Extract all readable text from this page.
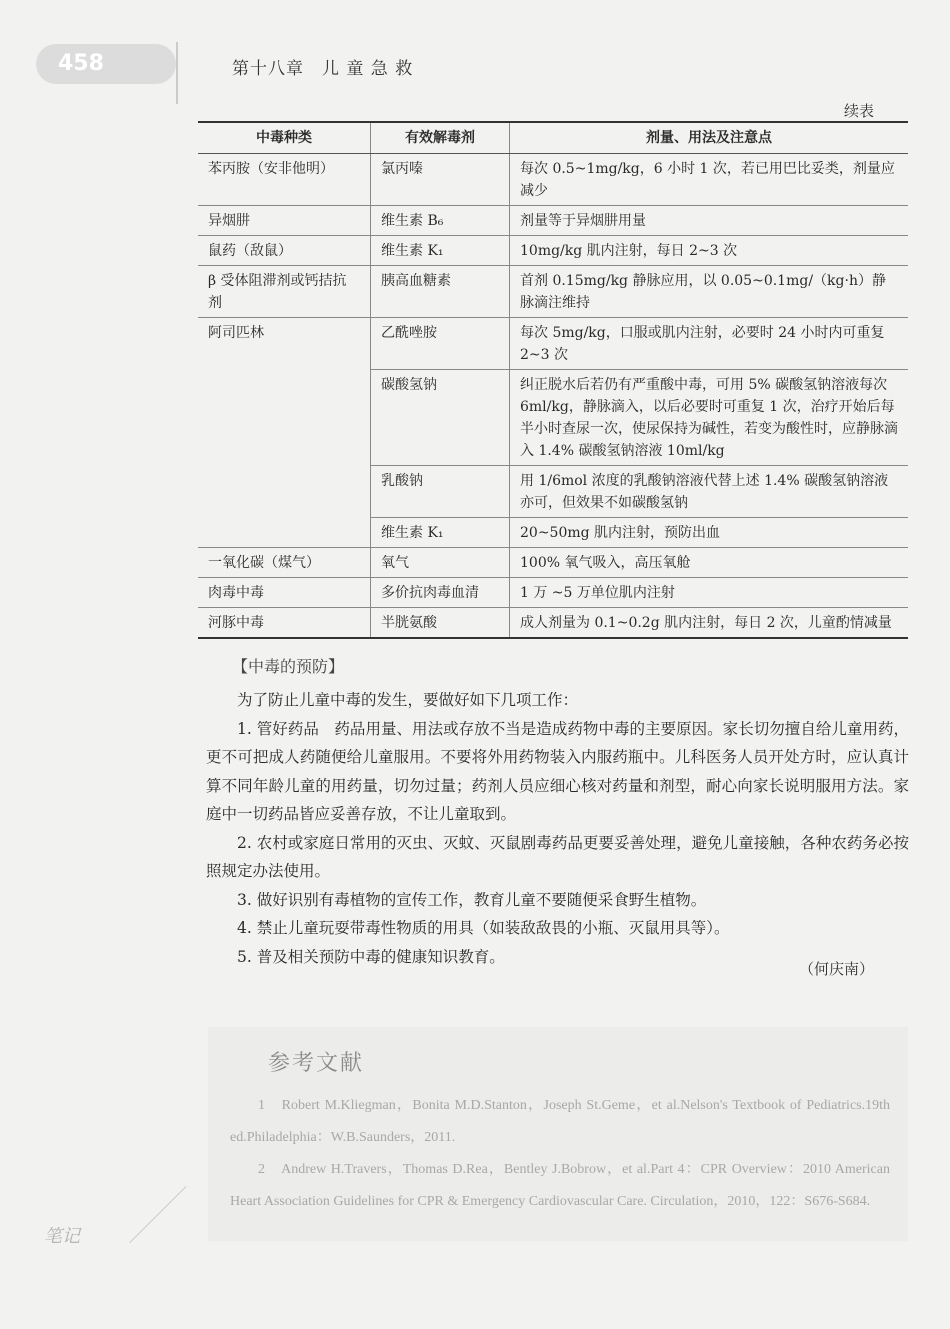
458	第十八章　儿 童 急 救
续表
中毒种类	有效解毒剂	剂量、用法及注意点
苯丙胺（安非他明）	氯丙嗪	每次 0.5~1mg/kg，6 小时 1 次，若已用巴比妥类，剂量应减少
异烟肼	维生素 B₆	剂量等于异烟肼用量
鼠药（敌鼠）	维生素 K₁	10mg/kg 肌内注射，每日 2~3 次
β 受体阻滞剂或钙拮抗剂	胰高血糖素	首剂 0.15mg/kg 静脉应用，以 0.05~0.1mg/（kg·h）静脉滴注维持
阿司匹林	乙酰唑胺	每次 5mg/kg，口服或肌内注射，必要时 24 小时内可重复 2~3 次
	碳酸氢钠	纠正脱水后若仍有严重酸中毒，可用 5% 碳酸氢钠溶液每次 6ml/kg，静脉滴入，以后必要时可重复 1 次，治疗开始后每半小时查尿一次，使尿保持为碱性，若变为酸性时，应静脉滴入 1.4% 碳酸氢钠溶液 10ml/kg
	乳酸钠	用 1/6mol 浓度的乳酸钠溶液代替上述 1.4% 碳酸氢钠溶液亦可，但效果不如碳酸氢钠
	维生素 K₁	20~50mg 肌内注射，预防出血
一氧化碳（煤气）	氧气	100% 氧气吸入，高压氧舱
肉毒中毒	多价抗肉毒血清	1 万 ~5 万单位肌内注射
河豚中毒	半胱氨酸	成人剂量为 0.1~0.2g 肌内注射，每日 2 次，儿童酌情减量
【中毒的预防】

为了防止儿童中毒的发生，要做好如下几项工作：

1. 管好药品　药品用量、用法或存放不当是造成药物中毒的主要原因。家长切勿擅自给儿童用药，更不可把成人药随便给儿童服用。不要将外用药物装入内服药瓶中。儿科医务人员开处方时，应认真计算不同年龄儿童的用药量，切勿过量；药剂人员应细心核对药量和剂型，耐心向家长说明服用方法。家庭中一切药品皆应妥善存放，不让儿童取到。

2. 农村或家庭日常用的灭虫、灭蚊、灭鼠剧毒药品更要妥善处理，避免儿童接触，各种农药务必按照规定办法使用。

3. 做好识别有毒植物的宣传工作，教育儿童不要随便采食野生植物。

4. 禁止儿童玩耍带毒性物质的用具（如装敌敌畏的小瓶、灭鼠用具等）。

5. 普及相关预防中毒的健康知识教育。

（何庆南）
参考文献

1　Robert M.Kliegman，Bonita M.D.Stanton，Joseph St.Geme，et al.Nelson's Textbook of Pediatrics.19th ed.Philadelphia：W.B.Saunders，2011.

2　Andrew H.Travers，Thomas D.Rea，Bentley J.Bobrow，et al.Part 4：CPR Overview：2010 American Heart Association Guidelines for CPR & Emergency Cardiovascular Care. Circulation，2010，122：S676-S684.

笔记
